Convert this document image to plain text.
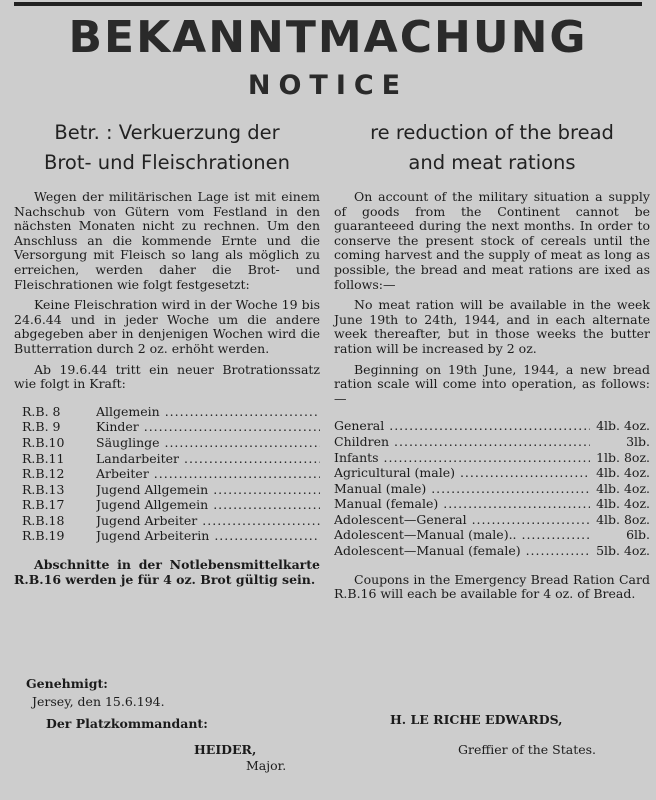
BEKANNTMACHUNG
NOTICE
Betr. : Verkuerzung der
Brot- und Fleischrationen

Wegen der militärischen Lage ist mit einem Nachschub von Gütern vom Festland in den nächsten Monaten nicht zu rechnen. Um den Anschluss an die kommende Ernte und die Versorgung mit Fleisch so lang als möglich zu erreichen, werden daher die Brot- und Fleischrationen wie folgt festgesetzt:

Keine Fleischration wird in der Woche 19 bis 24.6.44 und in jeder Woche um die andere abgegeben aber in denjenigen Wochen wird die Butterration durch 2 oz. erhöht werden.

Ab 19.6.44 tritt ein neuer Brotrationssatz wie folgt in Kraft:

R.B. 8	Allgemein .....
R.B. 9	Kinder .....
R.B.10	Säuglinge .....
R.B.11	Landarbeiter .....
R.B.12	Arbeiter .....
R.B.13	Jugend Allgemein .....
R.B.17	Jugend Allgemein .....
R.B.18	Jugend Arbeiter .....
R.B.19	Jugend Arbeiterin .....

Abschnitte in der Notlebensmittelkarte R.B.16 werden je für 4 oz. Brot gültig sein.

re reduction of the bread
and meat rations

On account of the military situation a supply of goods from the Continent cannot be guaranteeed during the next months. In order to conserve the present stock of cereals until the coming harvest and the supply of meat as long as possible, the bread and meat rations are ixed as follows:—

No meat ration will be available in the week June 19th to 24th, 1944, and in each alternate week thereafter, but in those weeks the butter ration will be increased by 2 oz.

Beginning on 19th June, 1944, a new bread ration scale will come into operation, as follows:—

General .....	4lb. 4oz.
Children .....	3lb.
Infants .....	1lb. 8oz.
Agricultural (male) .....	4lb. 4oz.
Manual (male) .....	4lb. 4oz.
Manual (female) .....	4lb. 4oz.
Adolescent—General .....	4lb. 8oz.
Adolescent—Manual (male).. .....	6lb.
Adolescent—Manual (female) .....	5lb. 4oz.

Coupons in the Emergency Bread Ration Card R.B.16 will each be available for 4 oz. of Bread.

Genehmigt:
Jersey, den 15.6.194.
Der Platzkommandant:
HEIDER,
Major.
H. LE RICHE EDWARDS,
Greffier of the States.
